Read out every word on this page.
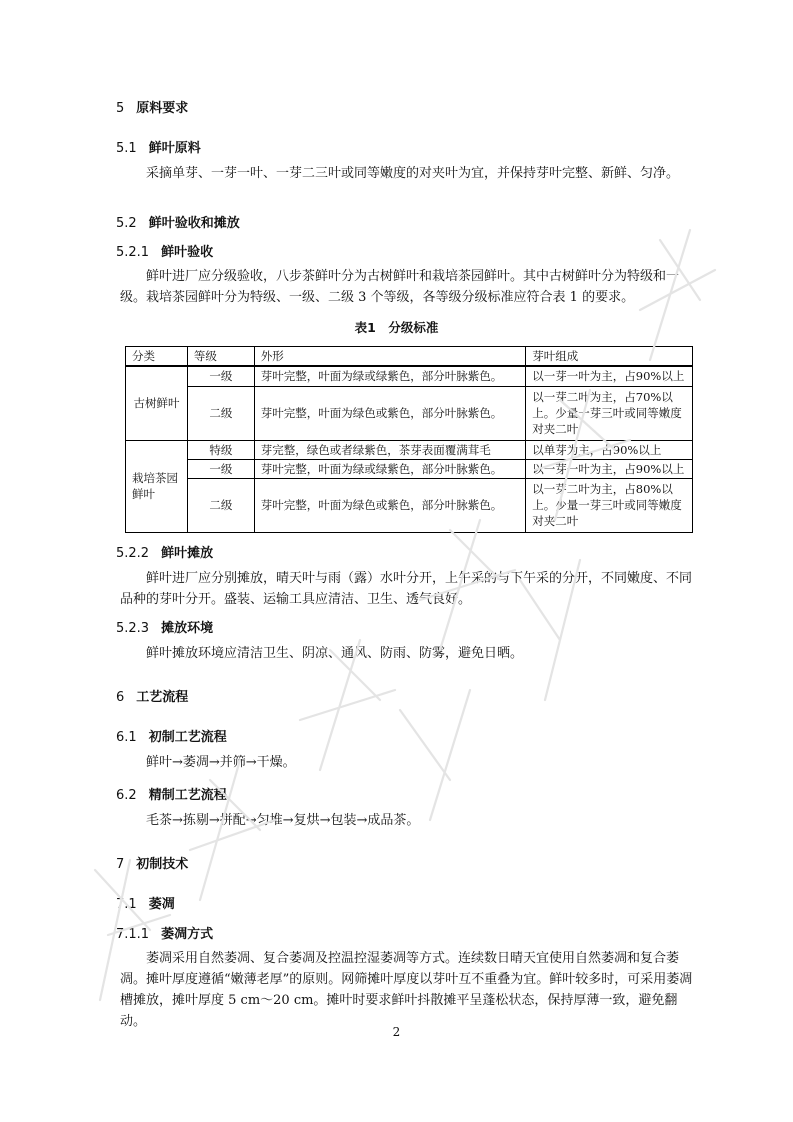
5 原料要求
5.1 鲜叶原料
采摘单芽、一芽一叶、一芽二三叶或同等嫩度的对夹叶为宜，并保持芽叶完整、新鲜、匀净。
5.2 鲜叶验收和摊放
5.2.1 鲜叶验收
鲜叶进厂应分级验收，八步茶鲜叶分为古树鲜叶和栽培茶园鲜叶。其中古树鲜叶分为特级和一级。栽培茶园鲜叶分为特级、一级、二级 3 个等级，各等级分级标准应符合表 1 的要求。
表1　分级标准
分类	等级	外形	芽叶组成
古树鲜叶	一级	芽叶完整，叶面为绿或绿紫色，部分叶脉紫色。	以一芽一叶为主，占90%以上
	二级	芽叶完整，叶面为绿色或紫色，部分叶脉紫色。	以一芽二叶为主，占70%以上。少量一芽三叶或同等嫩度对夹二叶
栽培茶园鲜叶	特级	芽完整，绿色或者绿紫色，茶芽表面覆满茸毛	以单芽为主，占90%以上
	一级	芽叶完整，叶面为绿或绿紫色，部分叶脉紫色。	以一芽一叶为主，占90%以上
	二级	芽叶完整，叶面为绿色或紫色，部分叶脉紫色。	以一芽二叶为主，占80%以上。少量一芽三叶或同等嫩度对夹二叶
5.2.2 鲜叶摊放
鲜叶进厂应分别摊放，晴天叶与雨（露）水叶分开，上午采的与下午采的分开，不同嫩度、不同品种的芽叶分开。盛装、运输工具应清洁、卫生、透气良好。
5.2.3 摊放环境
鲜叶摊放环境应清洁卫生、阴凉、通风、防雨、防雾，避免日晒。
6 工艺流程
6.1 初制工艺流程
鲜叶→萎凋→并筛→干燥。
6.2 精制工艺流程
毛茶→拣剔→拼配→匀堆→复烘→包装→成品茶。
7 初制技术
7.1 萎凋
7.1.1 萎凋方式
萎凋采用自然萎凋、复合萎凋及控温控湿萎凋等方式。连续数日晴天宜使用自然萎凋和复合萎凋。摊叶厚度遵循“嫩薄老厚”的原则。网筛摊叶厚度以芽叶互不重叠为宜。鲜叶较多时，可采用萎凋槽摊放，摊叶厚度 5 cm～20 cm。摊叶时要求鲜叶抖散摊平呈蓬松状态，保持厚薄一致，避免翻动。
2
